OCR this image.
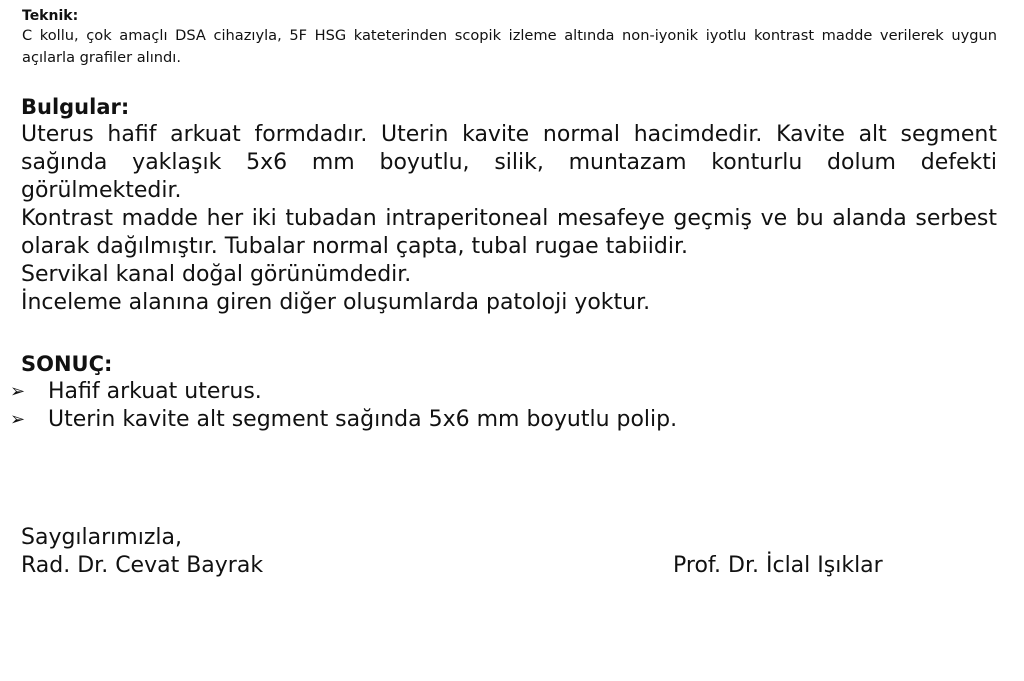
Teknik:

C kollu, çok amaçlı DSA cihazıyla, 5F HSG kateterinden scopik izleme altında non-iyonik iyotlu kontrast madde verilerek uygun açılarla grafiler alındı.

Bulgular:

Uterus hafif arkuat formdadır. Uterin kavite normal hacimdedir. Kavite alt segment sağında yaklaşık 5x6 mm boyutlu, silik, muntazam konturlu dolum defekti görülmektedir.

Kontrast madde her iki tubadan intraperitoneal mesafeye geçmiş ve bu alanda serbest olarak dağılmıştır. Tubalar normal çapta, tubal rugae tabiidir.

Servikal kanal doğal görünümdedir.

İnceleme alanına giren diğer oluşumlarda patoloji yoktur.

SONUÇ:

➢ Hafif arkuat uterus.
➢ Uterin kavite alt segment sağında 5x6 mm boyutlu polip.
Saygılarımızla,
Rad. Dr. Cevat Bayrak	Prof. Dr. İclal Işıklar
